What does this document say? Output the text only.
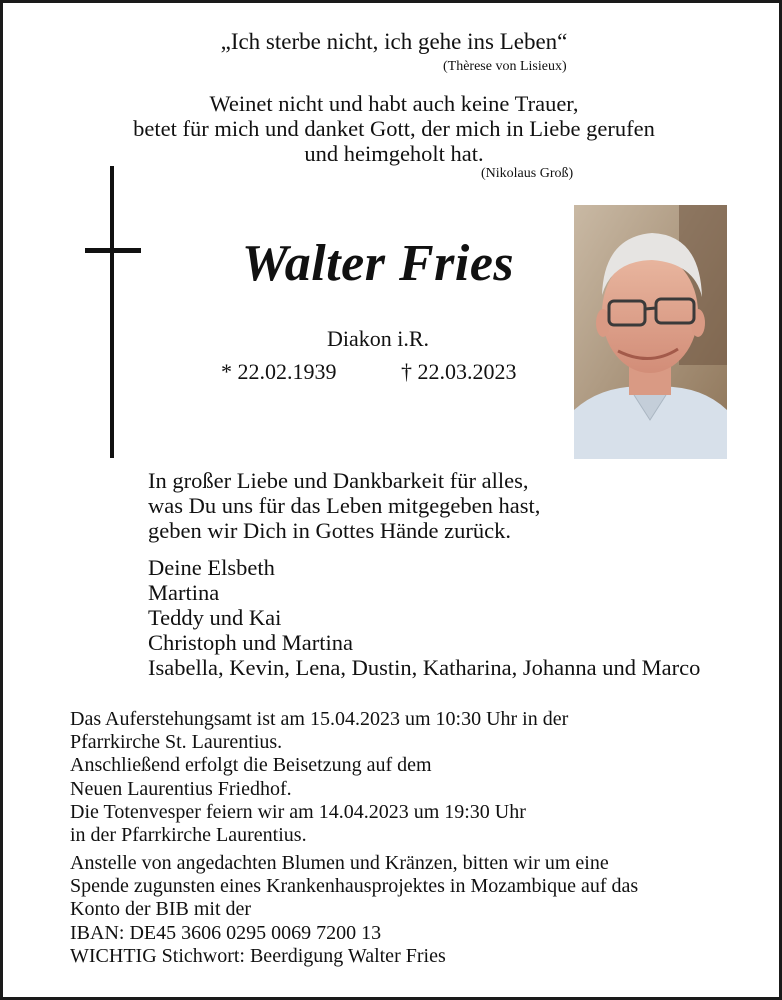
„Ich sterbe nicht, ich gehe ins Leben“

(Thèrese von Lisieux)

Weinet nicht und habt auch keine Trauer,
betet für mich und danket Gott, der mich in Liebe gerufen
und heimgeholt hat.

(Nikolaus Groß)

Walter Fries

Diakon i.R.

* 22.02.1939	† 22.03.2023

In großer Liebe und Dankbarkeit für alles,
was Du uns für das Leben mitgegeben hast,
geben wir Dich in Gottes Hände zurück.
Deine Elsbeth
Martina
Teddy und Kai
Christoph und Martina
Isabella, Kevin, Lena, Dustin, Katharina, Johanna und Marco
Das Auferstehungsamt ist am 15.04.2023 um 10:30 Uhr in der
Pfarrkirche St. Laurentius.
Anschließend erfolgt die Beisetzung auf dem
Neuen Laurentius Friedhof.
Die Totenvesper feiern wir am 14.04.2023 um 19:30 Uhr
in der Pfarrkirche Laurentius.
Anstelle von angedachten Blumen und Kränzen, bitten wir um eine
Spende zugunsten eines Krankenhausprojektes in Mozambique auf das
Konto der BIB mit der
IBAN: DE45 3606 0295 0069 7200 13
WICHTIG Stichwort: Beerdigung Walter Fries
